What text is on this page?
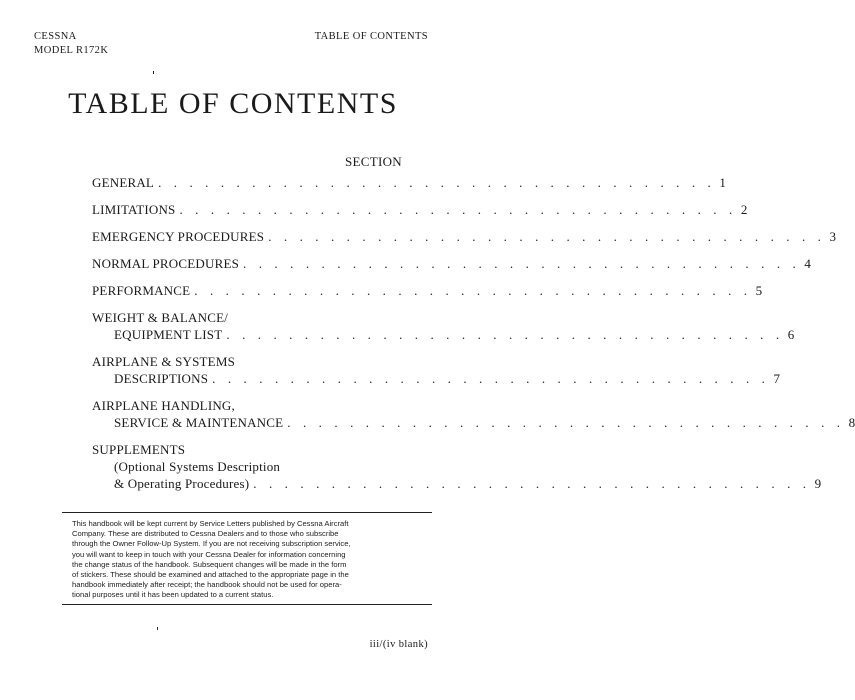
CESSNA
MODEL R172K
TABLE OF CONTENTS
TABLE OF CONTENTS
SECTION
GENERAL . . . . . . . . . . . . . . . . . . . . . . . . . . . . . . . . . . . . 1
LIMITATIONS . . . . . . . . . . . . . . . . . . . . . . . . . . . . . . . . . . . . 2
EMERGENCY PROCEDURES . . . . . . . . . . . . . . . . . . . . . . . . . . . . . . . . . . . . 3
NORMAL PROCEDURES . . . . . . . . . . . . . . . . . . . . . . . . . . . . . . . . . . . . 4
PERFORMANCE . . . . . . . . . . . . . . . . . . . . . . . . . . . . . . . . . . . . 5
WEIGHT & BALANCE/
EQUIPMENT LIST . . . . . . . . . . . . . . . . . . . . . . . . . . . . . . . . . . . . 6
AIRPLANE & SYSTEMS
DESCRIPTIONS . . . . . . . . . . . . . . . . . . . . . . . . . . . . . . . . . . . . 7
AIRPLANE HANDLING,
SERVICE & MAINTENANCE . . . . . . . . . . . . . . . . . . . . . . . . . . . . . . . . . . . . 8
SUPPLEMENTS
(Optional Systems Description
& Operating Procedures) . . . . . . . . . . . . . . . . . . . . . . . . . . . . . . . . . . . . 9
This handbook will be kept current by Service Letters published by Cessna Aircraft
Company. These are distributed to Cessna Dealers and to those who subscribe
through the Owner Follow-Up System. If you are not receiving subscription service,
you will want to keep in touch with your Cessna Dealer for information concerning
the change status of the handbook. Subsequent changes will be made in the form
of stickers. These should be examined and attached to the appropriate page in the
handbook immediately after receipt; the handbook should not be used for opera-
tional purposes until it has been updated to a current status.
iii/(iv blank)
